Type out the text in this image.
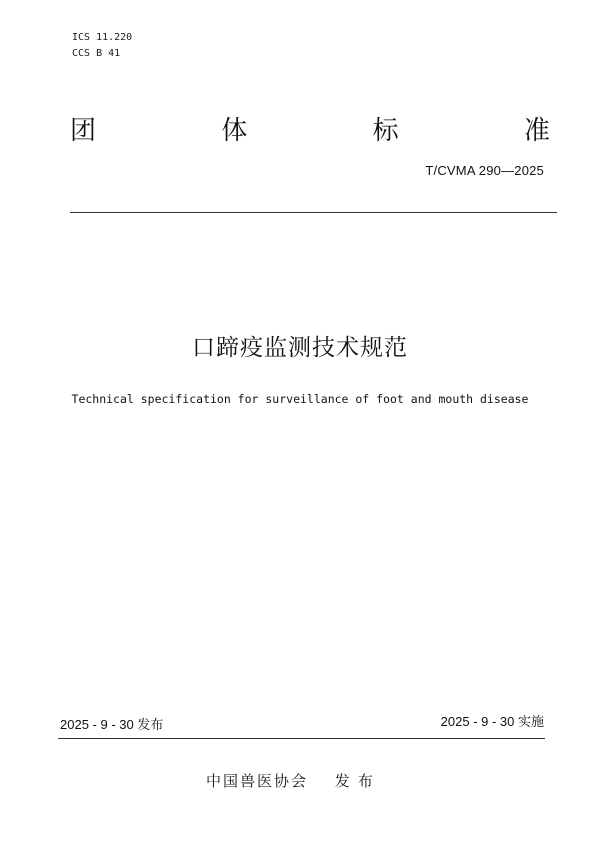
ICS 11.220
CCS B 41
团	体	标	准
T/CVMA 290—2025
口蹄疫监测技术规范
Technical specification for surveillance of foot and mouth disease
2025 - 9 - 30 发布	2025 - 9 - 30 实施
中国兽医协会 发布
